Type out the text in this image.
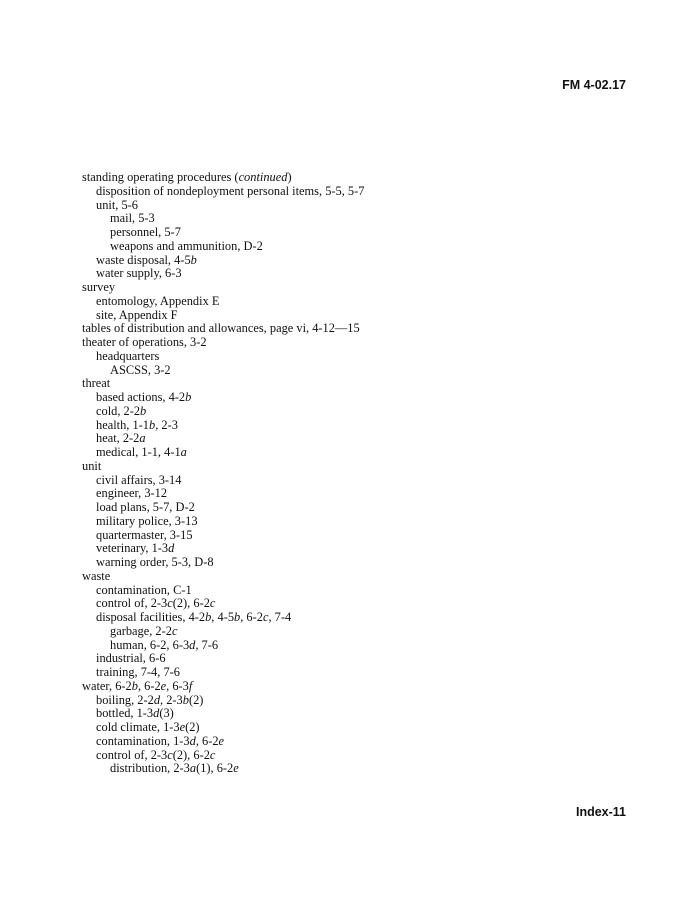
FM 4-02.17
standing operating procedures (continued)
disposition of nondeployment personal items, 5-5, 5-7
unit, 5-6
mail, 5-3
personnel, 5-7
weapons and ammunition, D-2
waste disposal, 4-5b
water supply, 6-3
survey
entomology, Appendix E
site, Appendix F
tables of distribution and allowances, page vi, 4-12—15
theater of operations, 3-2
headquarters
ASCSS, 3-2
threat
based actions, 4-2b
cold, 2-2b
health, 1-1b, 2-3
heat, 2-2a
medical, 1-1, 4-1a
unit
civil affairs, 3-14
engineer, 3-12
load plans, 5-7, D-2
military police, 3-13
quartermaster, 3-15
veterinary, 1-3d
warning order, 5-3, D-8
waste
contamination, C-1
control of, 2-3c(2), 6-2c
disposal facilities, 4-2b, 4-5b, 6-2c, 7-4
garbage, 2-2c
human, 6-2, 6-3d, 7-6
industrial, 6-6
training, 7-4, 7-6
water, 6-2b, 6-2e, 6-3f
boiling, 2-2d, 2-3b(2)
bottled, 1-3d(3)
cold climate, 1-3e(2)
contamination, 1-3d, 6-2e
control of, 2-3c(2), 6-2c
distribution, 2-3a(1), 6-2e
Index-11
